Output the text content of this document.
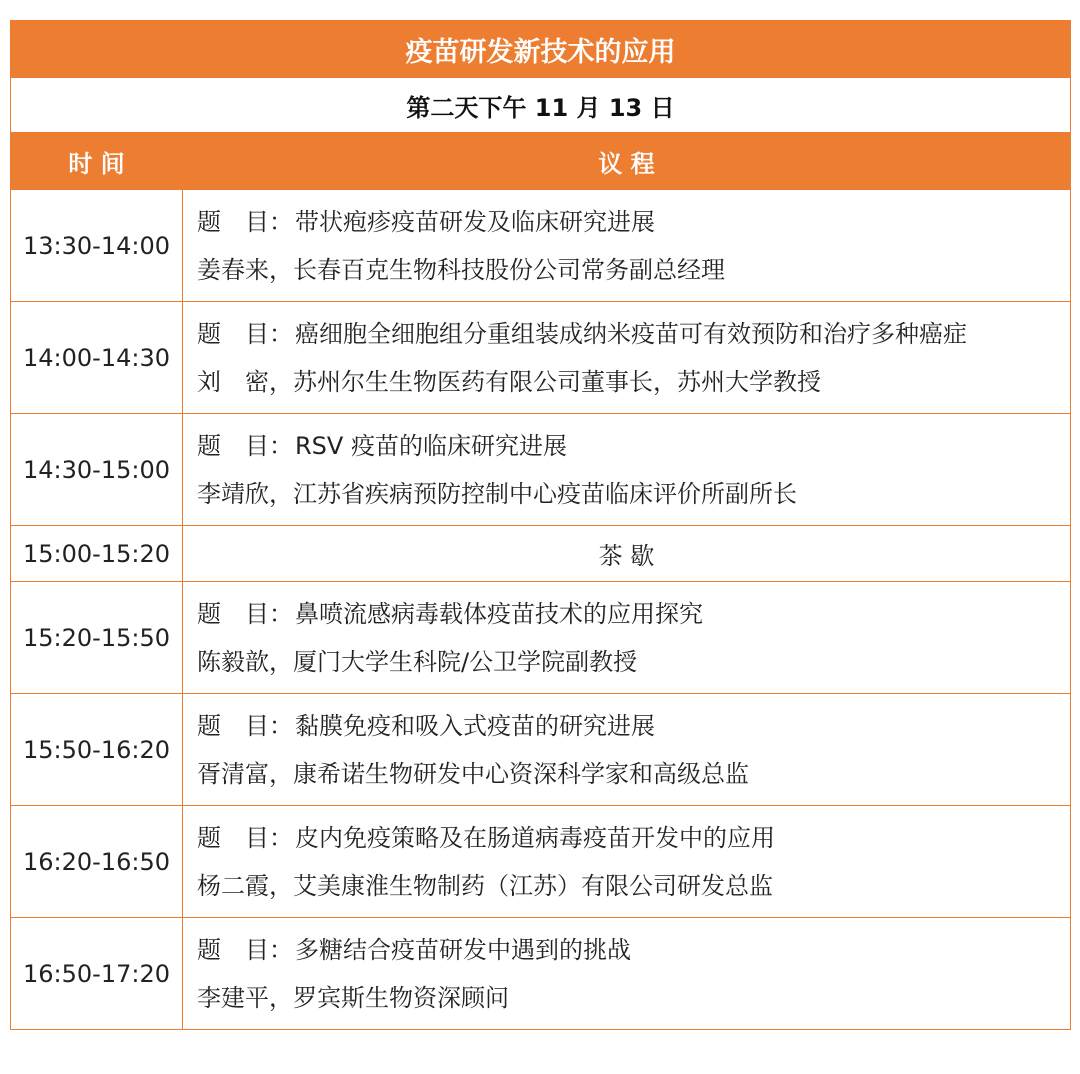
疫苗研发新技术的应用	
第二天下午 11 月 13 日	
时 间	议 程
13:30-14:00	题　目：带状疱疹疫苗研发及临床研究进展
姜春来，长春百克生物科技股份公司常务副总经理

14:00-14:30	题　目：癌细胞全细胞组分重组装成纳米疫苗可有效预防和治疗多种癌症
刘　密，苏州尔生生物医药有限公司董事长，苏州大学教授

14:30-15:00	题　目：RSV 疫苗的临床研究进展
李靖欣，江苏省疾病预防控制中心疫苗临床评价所副所长

15:00-15:20	茶 歇
15:20-15:50	题　目：鼻喷流感病毒载体疫苗技术的应用探究
陈毅歆，厦门大学生科院/公卫学院副教授

15:50-16:20	题　目：黏膜免疫和吸入式疫苗的研究进展
胥清富，康希诺生物研发中心资深科学家和高级总监

16:20-16:50	题　目：皮内免疫策略及在肠道病毒疫苗开发中的应用
杨二霞，艾美康淮生物制药（江苏）有限公司研发总监

16:50-17:20	题　目：多糖结合疫苗研发中遇到的挑战
李建平，罗宾斯生物资深顾问
